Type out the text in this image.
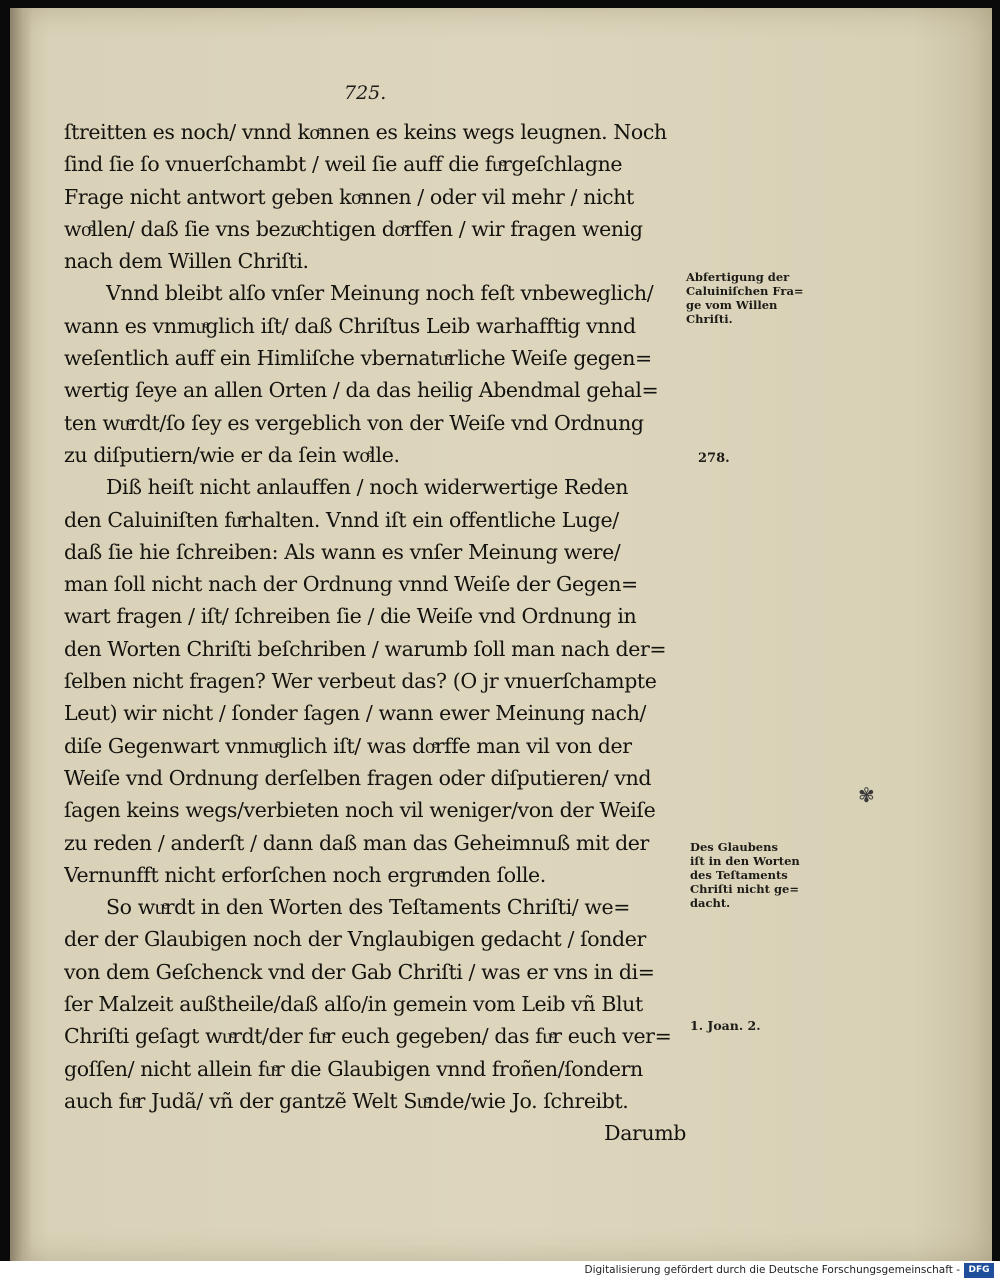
725.
ſtreitten es noch/ vnnd koͤnnen es keins wegs leugnen. Noch
ſind ſie ſo vnuerſchambt / weil ſie auff die fuͤrgeſchlagne
Frage nicht antwort geben koͤnnen / oder vil mehr / nicht
woͤllen/ daß ſie vns bezuͤchtigen doͤrffen / wir fragen wenig
nach dem Willen Chriſti.
Vnnd bleibt alſo vnſer Meinung noch feſt vnbeweglich/
wann es vnmuͤglich iſt/ daß Chriſtus Leib warhafftig vnnd
weſentlich auff ein Himliſche vbernatuͤrliche Weiſe gegen=
wertig ſeye an allen Orten / da das heilig Abendmal gehal=
ten wuͤrdt/ſo ſey es vergeblich von der Weiſe vnd Ordnung
zu diſputiern/wie er da ſein woͤlle.
Diß heiſt nicht anlauffen / noch widerwertige Reden
den Caluiniſten fuͤrhalten. Vnnd iſt ein offentliche Luge/
daß ſie hie ſchreiben: Als wann es vnſer Meinung were/
man ſoll nicht nach der Ordnung vnnd Weiſe der Gegen=
wart fragen / iſt/ ſchreiben ſie / die Weiſe vnd Ordnung in
den Worten Chriſti beſchriben / warumb ſoll man nach der=
ſelben nicht fragen? Wer verbeut das? (O jr vnuerſchampte
Leut) wir nicht / ſonder ſagen / wann ewer Meinung nach/
diſe Gegenwart vnmuͤglich iſt/ was doͤrffe man vil von der
Weiſe vnd Ordnung derſelben fragen oder diſputieren/ vnd
ſagen keins wegs/verbieten noch vil weniger/von der Weiſe
zu reden / anderſt / dann daß man das Geheimnuß mit der
Vernunfft nicht erforſchen noch ergruͤnden ſolle.
So wuͤrdt in den Worten des Teſtaments Chriſti/ we=
der der Glaubigen noch der Vnglaubigen gedacht / ſonder
von dem Geſchenck vnd der Gab Chriſti / was er vns in di=
ſer Malzeit außtheile/daß alſo/in gemein vom Leib vñ Blut
Chriſti geſagt wuͤrdt/der fuͤr euch gegeben/ das fuͤr euch ver=
goſſen/ nicht allein fuͤr die Glaubigen vnnd froñen/ſondern
auch fuͤr Judã/ vñ der gantzẽ Welt Suͤnde/wie Jo. ſchreibt.
Darumb
Abfertigung der
Caluiniſchen Fra=
ge vom Willen
Chriſti.
278.
Des Glaubens
iſt in den Worten
des Teſtaments
Chriſti nicht ge=
dacht.
1. Joan. 2.
✾
Digitalisierung gefördert durch die Deutsche Forschungsgemeinschaft - DFG
